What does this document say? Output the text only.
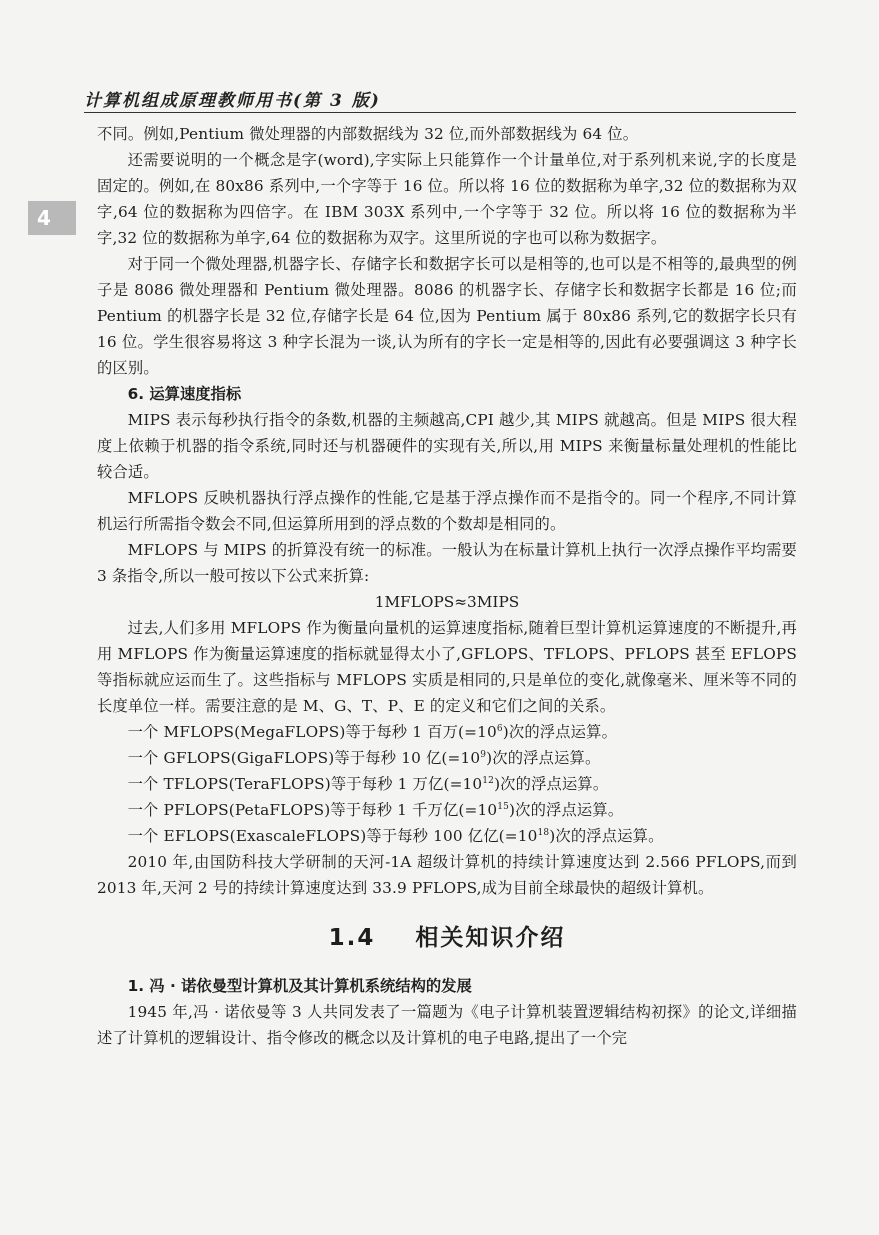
计算机组成原理教师用书(第 3 版)
4

不同。例如,Pentium 微处理器的内部数据线为 32 位,而外部数据线为 64 位。

还需要说明的一个概念是字(word),字实际上只能算作一个计量单位,对于系列机来说,字的长度是固定的。例如,在 80x86 系列中,一个字等于 16 位。所以将 16 位的数据称为单字,32 位的数据称为双字,64 位的数据称为四倍字。在 IBM 303X 系列中,一个字等于 32 位。所以将 16 位的数据称为半字,32 位的数据称为单字,64 位的数据称为双字。这里所说的字也可以称为数据字。

对于同一个微处理器,机器字长、存储字长和数据字长可以是相等的,也可以是不相等的,最典型的例子是 8086 微处理器和 Pentium 微处理器。8086 的机器字长、存储字长和数据字长都是 16 位;而 Pentium 的机器字长是 32 位,存储字长是 64 位,因为 Pentium 属于 80x86 系列,它的数据字长只有 16 位。学生很容易将这 3 种字长混为一谈,认为所有的字长一定是相等的,因此有必要强调这 3 种字长的区别。

6. 运算速度指标

MIPS 表示每秒执行指令的条数,机器的主频越高,CPI 越少,其 MIPS 就越高。但是 MIPS 很大程度上依赖于机器的指令系统,同时还与机器硬件的实现有关,所以,用 MIPS 来衡量标量处理机的性能比较合适。

MFLOPS 反映机器执行浮点操作的性能,它是基于浮点操作而不是指令的。同一个程序,不同计算机运行所需指令数会不同,但运算所用到的浮点数的个数却是相同的。

MFLOPS 与 MIPS 的折算没有统一的标准。一般认为在标量计算机上执行一次浮点操作平均需要 3 条指令,所以一般可按以下公式来折算:

1MFLOPS≈3MIPS

过去,人们多用 MFLOPS 作为衡量向量机的运算速度指标,随着巨型计算机运算速度的不断提升,再用 MFLOPS 作为衡量运算速度的指标就显得太小了,GFLOPS、TFLOPS、PFLOPS 甚至 EFLOPS 等指标就应运而生了。这些指标与 MFLOPS 实质是相同的,只是单位的变化,就像毫米、厘米等不同的长度单位一样。需要注意的是 M、G、T、P、E 的定义和它们之间的关系。

一个 MFLOPS(MegaFLOPS)等于每秒 1 百万$(=10^6)$次的浮点运算。

一个 GFLOPS(GigaFLOPS)等于每秒 10 亿$(=10^9)$次的浮点运算。

一个 TFLOPS(TeraFLOPS)等于每秒 1 万亿$(=10^{12})$次的浮点运算。

一个 PFLOPS(PetaFLOPS)等于每秒 1 千万亿$(=10^{15})$次的浮点运算。

一个 EFLOPS(ExascaleFLOPS)等于每秒 100 亿亿$(=10^{18})$次的浮点运算。

2010 年,由国防科技大学研制的天河-1A 超级计算机的持续计算速度达到 2.566 PFLOPS,而到 2013 年,天河 2 号的持续计算速度达到 33.9 PFLOPS,成为目前全球最快的超级计算机。

1.4 相关知识介绍

1. 冯 · 诺依曼型计算机及其计算机系统结构的发展

1945 年,冯 · 诺依曼等 3 人共同发表了一篇题为《电子计算机装置逻辑结构初探》的论文,详细描述了计算机的逻辑设计、指令修改的概念以及计算机的电子电路,提出了一个完
